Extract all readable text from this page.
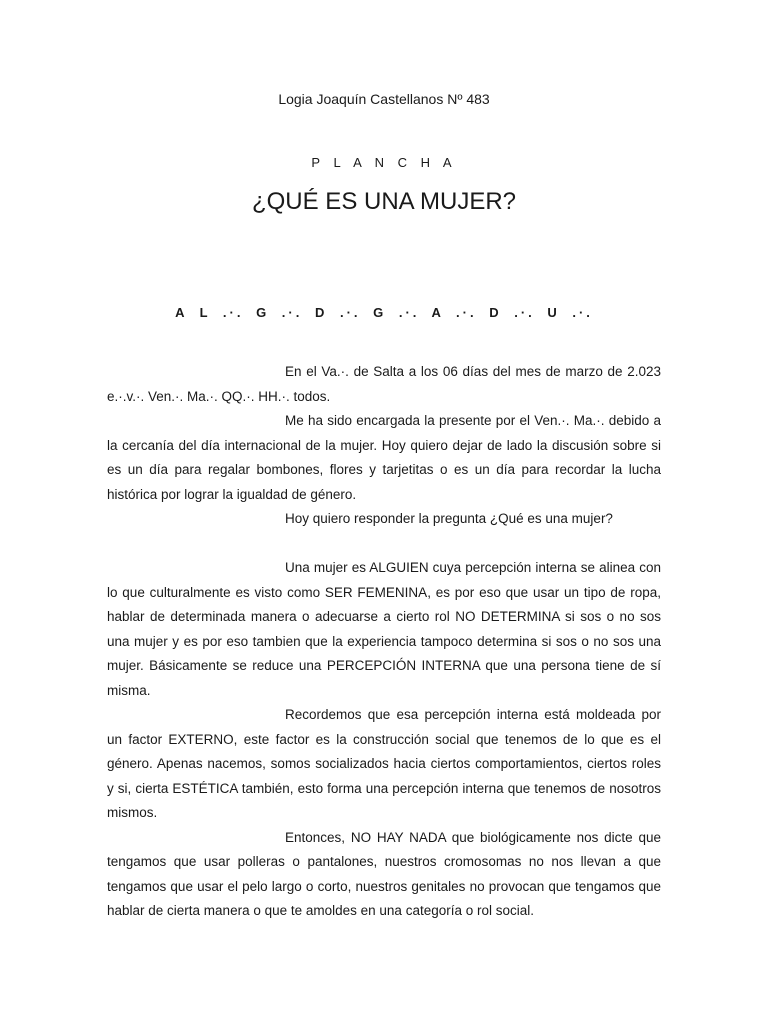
Logia Joaquín Castellanos Nº 483
P L A N C H A
¿QUÉ ES UNA MUJER?
A L .·. G .·. D .·. G .·. A .·. D .·. U .·.

En el Va.·. de Salta a los 06 días del mes de marzo de 2.023 e.·.v.·. Ven.·. Ma.·. QQ.·. HH.·. todos.

Me ha sido encargada la presente por el Ven.·. Ma.·. debido a la cercanía del día internacional de la mujer. Hoy quiero dejar de lado la discusión sobre si es un día para regalar bombones, flores y tarjetitas o es un día para recordar la lucha histórica por lograr la igualdad de género.

Hoy quiero responder la pregunta ¿Qué es una mujer?

Una mujer es ALGUIEN cuya percepción interna se alinea con lo que culturalmente es visto como SER FEMENINA, es por eso que usar un tipo de ropa, hablar de determinada manera o adecuarse a cierto rol NO DETERMINA si sos o no sos una mujer y es por eso tambien que la experiencia tampoco determina si sos o no sos una mujer. Básicamente se reduce una PERCEPCIÓN INTERNA que una persona tiene de sí misma.

Recordemos que esa percepción interna está moldeada por un factor EXTERNO, este factor es la construcción social que tenemos de lo que es el género. Apenas nacemos, somos socializados hacia ciertos comportamientos, ciertos roles y si, cierta ESTÉTICA también, esto forma una percepción interna que tenemos de nosotros mismos.

Entonces, NO HAY NADA que biológicamente nos dicte que tengamos que usar polleras o pantalones, nuestros cromosomas no nos llevan a que tengamos que usar el pelo largo o corto, nuestros genitales no provocan que tengamos que hablar de cierta manera o que te amoldes en una categoría o rol social.
